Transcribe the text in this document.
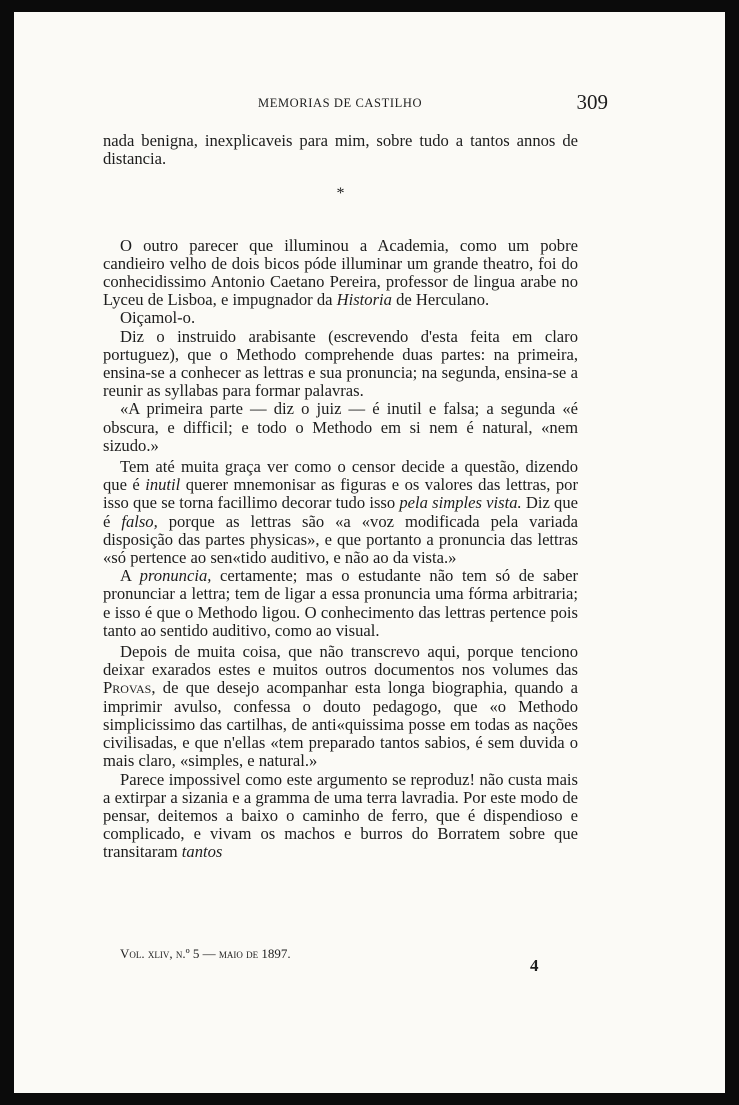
MEMORIAS DE CASTILHO	309

nada benigna, inexplicaveis para mim, sobre tudo a tantos annos de distancia.

*

O outro parecer que illuminou a Academia, como um pobre candieiro velho de dois bicos póde illuminar um grande theatro, foi do conhecidissimo Antonio Caetano Pereira, professor de lingua arabe no Lyceu de Lisboa, e impugnador da Historia de Herculano.

Oiçamol-o.

Diz o instruido arabisante (escrevendo d'esta feita em claro portuguez), que o Methodo comprehende duas partes: na primeira, ensina-se a conhecer as lettras e sua pronuncia; na segunda, ensina-se a reunir as syllabas para formar palavras.

«A primeira parte — diz o juiz — é inutil e falsa; a segunda «é obscura, e difficil; e todo o Methodo em si nem é natural, «nem sizudo.»

Tem até muita graça ver como o censor decide a questão, dizendo que é inutil querer mnemonisar as figuras e os valores das lettras, por isso que se torna facillimo decorar tudo isso pela simples vista. Diz que é falso, porque as lettras são «a «voz modificada pela variada disposição das partes physicas», e que portanto a pronuncia das lettras «só pertence ao sen«tido auditivo, e não ao da vista.»

A pronuncia, certamente; mas o estudante não tem só de saber pronunciar a lettra; tem de ligar a essa pronuncia uma fórma arbitraria; e isso é que o Methodo ligou. O conhecimento das lettras pertence pois tanto ao sentido auditivo, como ao visual.

Depois de muita coisa, que não transcrevo aqui, porque tenciono deixar exarados estes e muitos outros documentos nos volumes das Provas, de que desejo acompanhar esta longa biographia, quando a imprimir avulso, confessa o douto pedagogo, que «o Methodo simplicissimo das cartilhas, de anti«quissima posse em todas as nações civilisadas, e que n'ellas «tem preparado tantos sabios, é sem duvida o mais claro, «simples, e natural.»

Parece impossivel como este argumento se reproduz! não custa mais a extirpar a sizania e a gramma de uma terra lavradia. Por este modo de pensar, deitemos a baixo o caminho de ferro, que é dispendioso e complicado, e vivam os machos e burros do Borratem sobre que transitaram tantos

Vol. xliv, n.º 5 — maio de 1897.
4
